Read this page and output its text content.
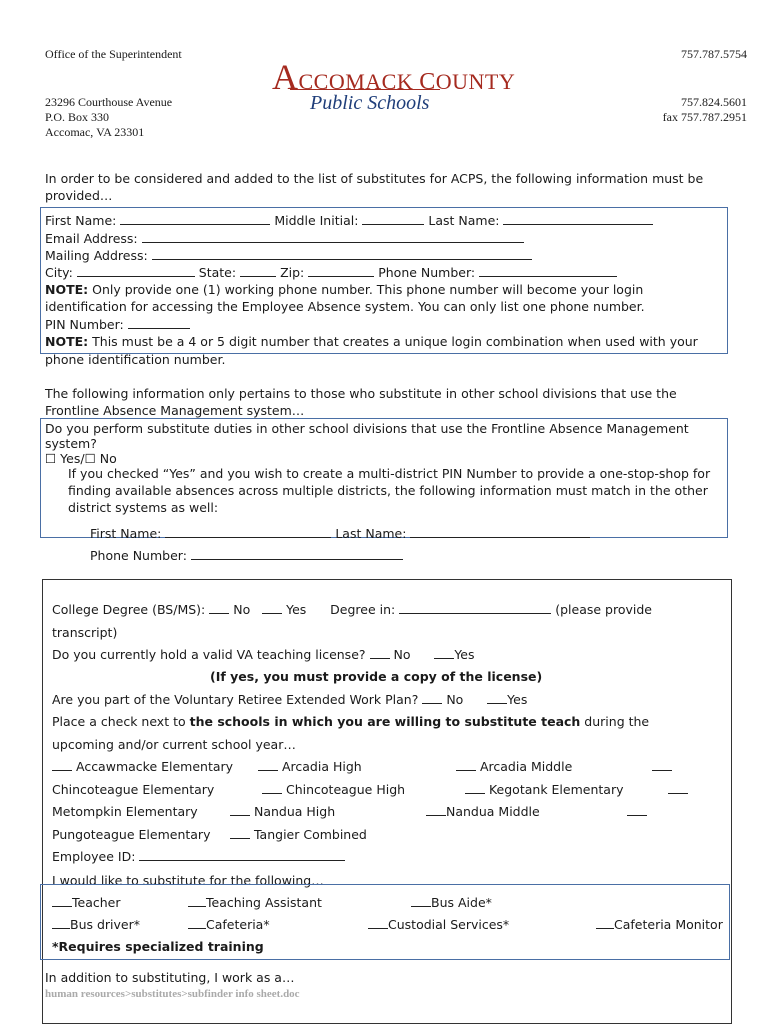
Office of the Superintendent
23296 Courthouse Avenue
P.O. Box 330
Accomac, VA 23301
757.787.5754
757.824.5601
fax 757.787.2951
ACCOMACK COUNTY
Public Schools
In order to be considered and added to the list of substitutes for ACPS, the following information must be provided…
First Name:	Middle Initial:	Last Name:
Email Address:
Mailing Address:
City:	State:	Zip:	Phone Number:
NOTE: Only provide one (1) working phone number. This phone number will become your login
identification for accessing the Employee Absence system. You can only list one phone number.
PIN Number:
NOTE: This must be a 4 or 5 digit number that creates a unique login combination when used with your
phone identification number.
The following information only pertains to those who substitute in other school divisions that use the
Frontline Absence Management system…
Do you perform substitute duties in other school divisions that use the Frontline Absence Management
system?
☐ Yes/☐ No
If you checked “Yes” and you wish to create a multi-district PIN Number to provide a one-stop-shop for
finding available absences across multiple districts, the following information must match in the other
district systems as well:
First Name:	Last Name:
Phone Number:
College Degree (BS/MS): No	Yes Degree in:	(please provide
transcript)
Do you currently hold a valid VA teaching license? No	Yes
(If yes, you must provide a copy of the license)
Are you part of the Voluntary Retiree Extended Work Plan? No	Yes
Place a check next to the schools in which you are willing to substitute teach during the
upcoming and/or current school year…
Accawmacke Elementary	Arcadia High	Arcadia Middle
Chincoteague Elementary	Chincoteague High	Kegotank Elementary
Metompkin Elementary	Nandua High	Nandua Middle
Pungoteague Elementary	Tangier Combined
Employee ID:
I would like to substitute for the following…
Teacher	Teaching Assistant	Bus Aide*
Bus driver*	Cafeteria*	Custodial Services*	Cafeteria Monitor
*Requires specialized training
In addition to substituting, I work as a…
human resources>substitutes>subfinder info sheet.doc
